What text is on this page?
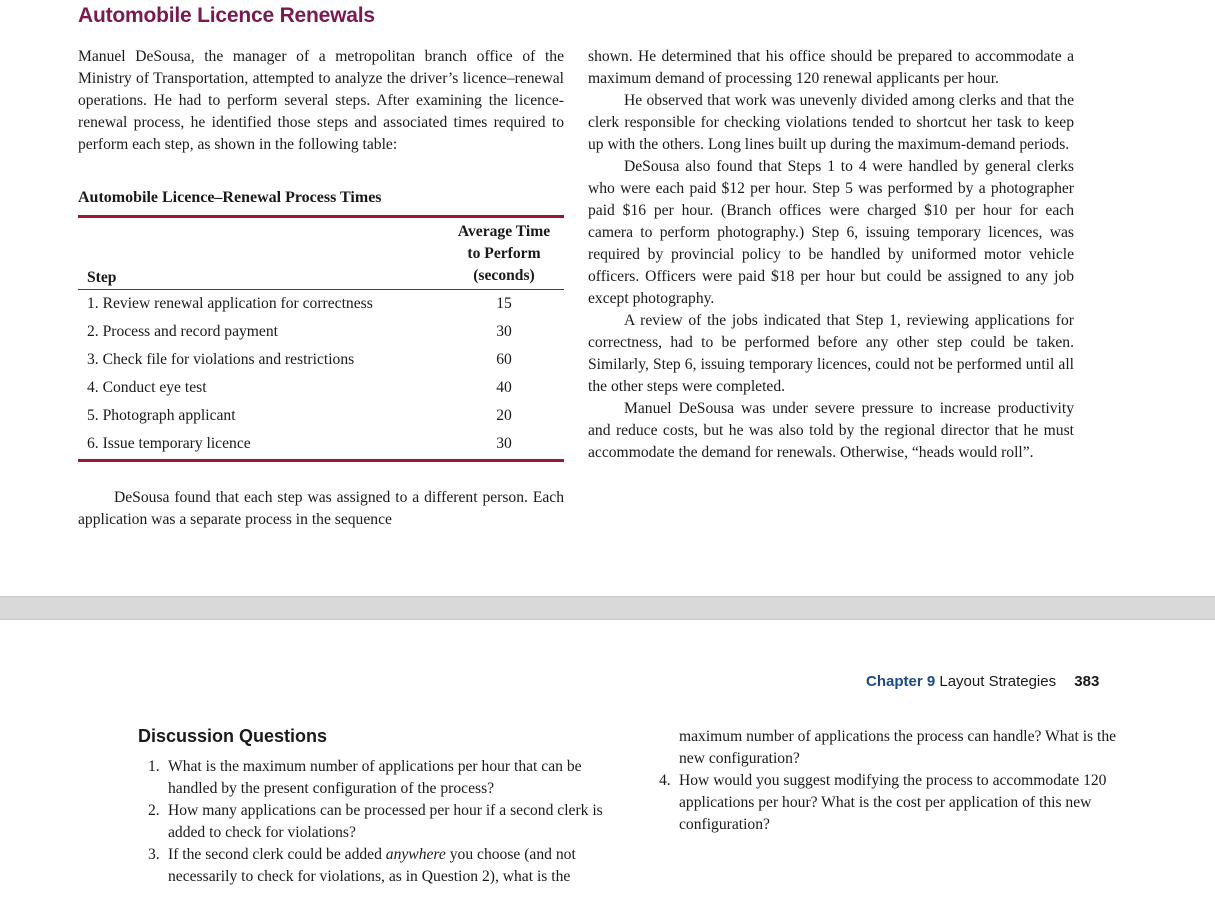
Automobile Licence Renewals

Manuel DeSousa, the manager of a metropolitan branch office of the Ministry of Transportation, attempted to analyze the driver’s licence–renewal operations. He had to perform several steps. After examining the licence-renewal process, he identified those steps and associated times required to perform each step, as shown in the following table:

Automobile Licence–Renewal Process Times
Step	Average Time
to Perform
(seconds)

1. Review renewal application for correctness	15
2. Process and record payment	30
3. Check file for violations and restrictions	60
4. Conduct eye test	40
5. Photograph applicant	20
6. Issue temporary licence	30

DeSousa found that each step was assigned to a different person. Each application was a separate process in the sequence

shown. He determined that his office should be prepared to accommodate a maximum demand of processing 120 renewal applicants per hour.

He observed that work was unevenly divided among clerks and that the clerk responsible for checking violations tended to shortcut her task to keep up with the others. Long lines built up during the maximum-demand periods.

DeSousa also found that Steps 1 to 4 were handled by general clerks who were each paid $12 per hour. Step 5 was performed by a photographer paid $16 per hour. (Branch offices were charged $10 per hour for each camera to perform photography.) Step 6, issuing temporary licences, was required by provincial policy to be handled by uniformed motor vehicle officers. Officers were paid $18 per hour but could be assigned to any job except photography.

A review of the jobs indicated that Step 1, reviewing applications for correctness, had to be performed before any other step could be taken. Similarly, Step 6, issuing temporary licences, could not be performed until all the other steps were completed.

Manuel DeSousa was under severe pressure to increase productivity and reduce costs, but he was also told by the regional director that he must accommodate the demand for renewals. Otherwise, “heads would roll”.

Chapter 9 Layout Strategies 383
Discussion Questions
1. What is the maximum number of applications per hour that can be handled by the present configuration of the process?
2. How many applications can be processed per hour if a second clerk is added to check for violations?
3. If the second clerk could be added anywhere you choose (and not necessarily to check for violations, as in Question 2), what is the
maximum number of applications the process can handle? What is the new configuration?
4. How would you suggest modifying the process to accommodate 120 applications per hour? What is the cost per application of this new configuration?
